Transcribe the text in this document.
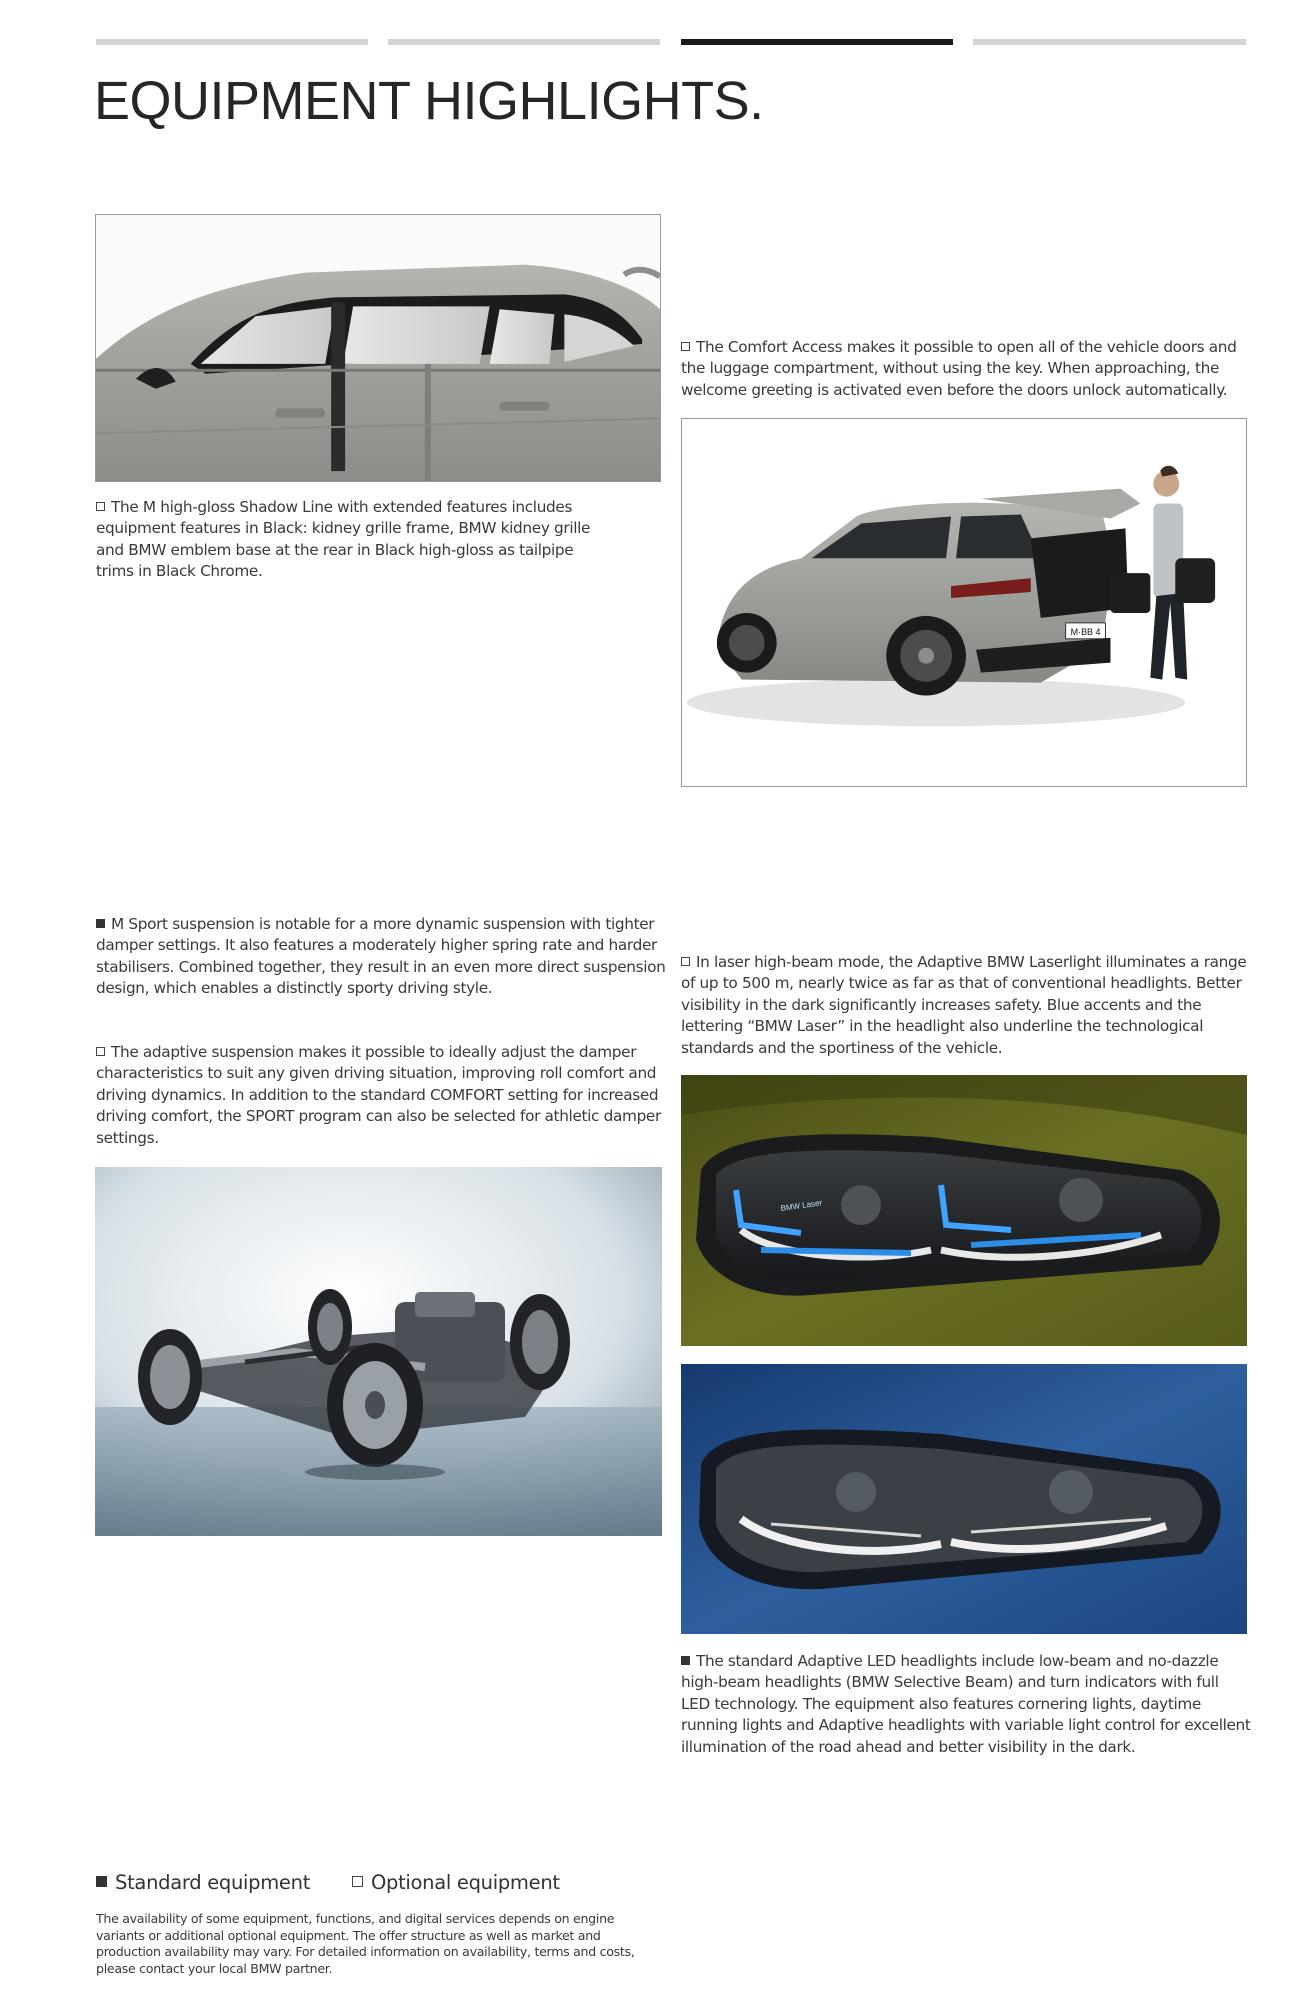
EQUIPMENT HIGHLIGHTS.

The M high-gloss Shadow Line with extended features includes equipment features in Black: kidney grille frame, BMW kidney grille and BMW emblem base at the rear in Black high-gloss as tailpipe trims in Black Chrome.

The Comfort Access makes it possible to open all of the vehicle doors and the luggage compartment, without using the key. When approaching, the welcome greeting is activated even before the doors unlock automatically.

M·BB 4

M Sport suspension is notable for a more dynamic suspension with tighter damper settings. It also features a moderately higher spring rate and harder stabilisers. Combined together, they result in an even more direct suspension design, which enables a distinctly sporty driving style.

The adaptive suspension makes it possible to ideally adjust the damper characteristics to suit any given driving situation, improving roll comfort and driving dynamics. In addition to the standard COMFORT setting for increased driving comfort, the SPORT program can also be selected for athletic damper settings.

In laser high-beam mode, the Adaptive BMW Laserlight illuminates a range of up to 500 m, nearly twice as far as that of conventional headlights. Better visibility in the dark significantly increases safety. Blue accents and the lettering “BMW Laser” in the headlight also underline the technological standards and the sportiness of the vehicle.

BMW Laser

The standard Adaptive LED headlights include low-beam and no-dazzle high-beam headlights (BMW Selective Beam) and turn indicators with full LED technology. The equipment also features cornering lights, daytime running lights and Adaptive headlights with variable light control for excellent illumination of the road ahead and better visibility in the dark.

Standard equipment	Optional equipment
The availability of some equipment, functions, and digital services depends on engine variants or additional optional equipment. The offer structure as well as market and production availability may vary. For detailed information on availability, terms and costs, please contact your local BMW partner.
